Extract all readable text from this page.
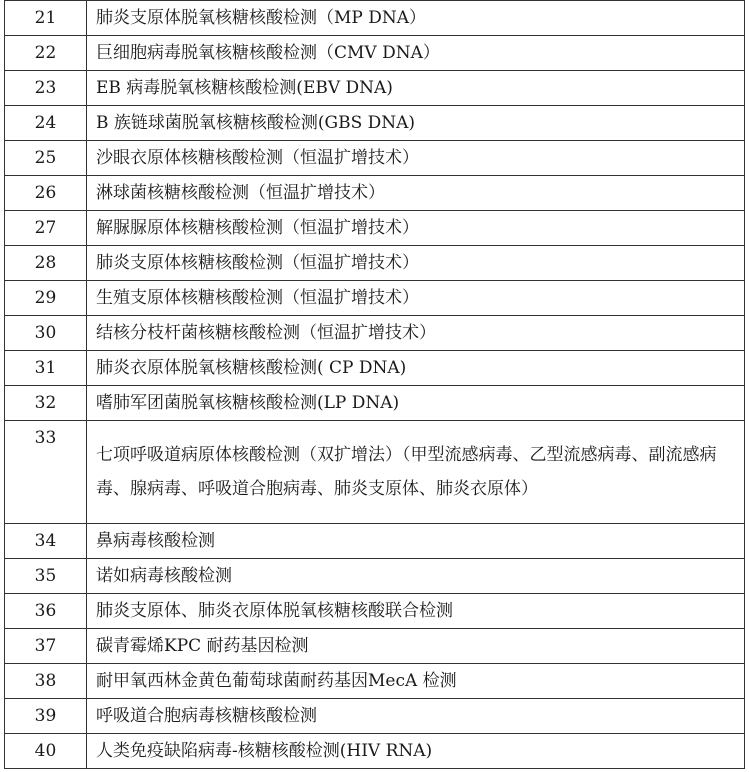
21	肺炎支原体脱氧核糖核酸检测（MP DNA）
22	巨细胞病毒脱氧核糖核酸检测（CMV DNA）
23	EB 病毒脱氧核糖核酸检测(EBV DNA)
24	B 族链球菌脱氧核糖核酸检测(GBS DNA)
25	沙眼衣原体核糖核酸检测（恒温扩增技术）
26	淋球菌核糖核酸检测（恒温扩增技术）
27	解脲脲原体核糖核酸检测（恒温扩增技术）
28	肺炎支原体核糖核酸检测（恒温扩增技术）
29	生殖支原体核糖核酸检测（恒温扩增技术）
30	结核分枝杆菌核糖核酸检测（恒温扩增技术）
31	肺炎衣原体脱氧核糖核酸检测( CP DNA)
32	嗜肺军团菌脱氧核糖核酸检测(LP DNA)
33	七项呼吸道病原体核酸检测（双扩增法）（甲型流感病毒、乙型流感病毒、副流感病毒、腺病毒、呼吸道合胞病毒、肺炎支原体、肺炎衣原体）
34	鼻病毒核酸检测
35	诺如病毒核酸检测
36	肺炎支原体、肺炎衣原体脱氧核糖核酸联合检测
37	碳青霉烯KPC 耐药基因检测
38	耐甲氧西林金黄色葡萄球菌耐药基因MecA 检测
39	呼吸道合胞病毒核糖核酸检测
40	人类免疫缺陷病毒-核糖核酸检测(HIV RNA)
